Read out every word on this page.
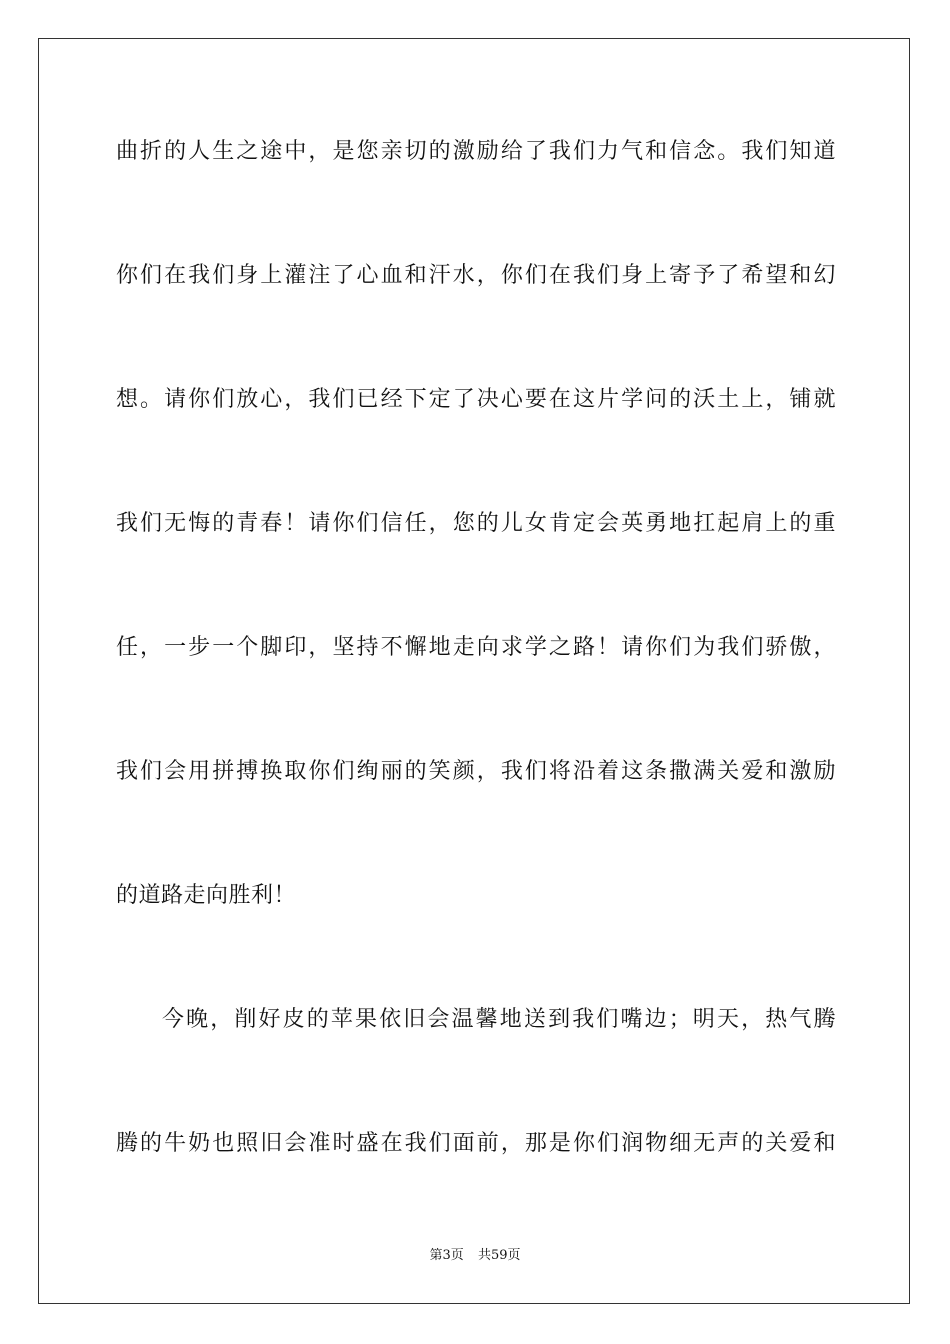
曲折的人生之途中，是您亲切的激励给了我们力气和信念。我们知道
你们在我们身上灌注了心血和汗水，你们在我们身上寄予了希望和幻
想。请你们放心，我们已经下定了决心要在这片学问的沃土上，铺就
我们无悔的青春！请你们信任，您的儿女肯定会英勇地扛起肩上的重
任，一步一个脚印，坚持不懈地走向求学之路！请你们为我们骄傲，
我们会用拼搏换取你们绚丽的笑颜，我们将沿着这条撒满关爱和激励
的道路走向胜利！
今晚，削好皮的苹果依旧会温馨地送到我们嘴边；明天，热气腾
腾的牛奶也照旧会准时盛在我们面前，那是你们润物细无声的关爱和
第3页 共59页
